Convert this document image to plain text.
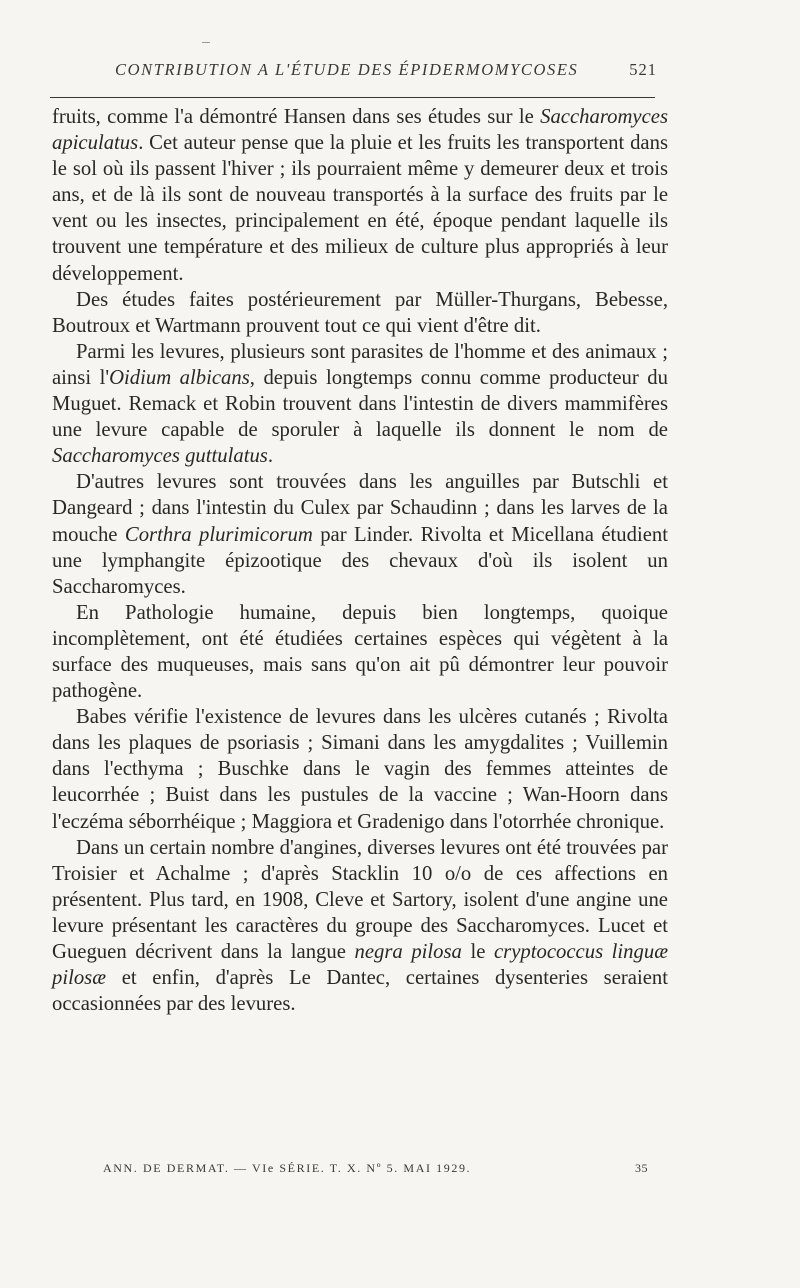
CONTRIBUTION A L'ÉTUDE DES ÉPIDERMOMYCOSES	521

fruits, comme l'a démontré Hansen dans ses études sur le Saccharomyces apiculatus. Cet auteur pense que la pluie et les fruits les transportent dans le sol où ils passent l'hiver ; ils pourraient même y demeurer deux et trois ans, et de là ils sont de nouveau transportés à la surface des fruits par le vent ou les insectes, principalement en été, époque pendant laquelle ils trouvent une température et des milieux de culture plus appropriés à leur développement.

Des études faites postérieurement par Müller-Thurgans, Bebesse, Boutroux et Wartmann prouvent tout ce qui vient d'être dit.

Parmi les levures, plusieurs sont parasites de l'homme et des animaux ; ainsi l'Oidium albicans, depuis longtemps connu comme producteur du Muguet. Remack et Robin trouvent dans l'intestin de divers mammifères une levure capable de sporuler à laquelle ils donnent le nom de Saccharomyces guttulatus.

D'autres levures sont trouvées dans les anguilles par Butschli et Dangeard ; dans l'intestin du Culex par Schaudinn ; dans les larves de la mouche Corthra plurimicorum par Linder. Rivolta et Micellana étudient une lymphangite épizootique des chevaux d'où ils isolent un Saccharomyces.

En Pathologie humaine, depuis bien longtemps, quoique incomplètement, ont été étudiées certaines espèces qui végètent à la surface des muqueuses, mais sans qu'on ait pû démontrer leur pouvoir pathogène.

Babes vérifie l'existence de levures dans les ulcères cutanés ; Rivolta dans les plaques de psoriasis ; Simani dans les amygdalites ; Vuillemin dans l'ecthyma ; Buschke dans le vagin des femmes atteintes de leucorrhée ; Buist dans les pustules de la vaccine ; Wan-Hoorn dans l'eczéma séborrhéique ; Maggiora et Gradenigo dans l'otorrhée chronique.

Dans un certain nombre d'angines, diverses levures ont été trouvées par Troisier et Achalme ; d'après Stacklin 10 o/o de ces affections en présentent. Plus tard, en 1908, Cleve et Sartory, isolent d'une angine une levure présentant les caractères du groupe des Saccharomyces. Lucet et Gueguen décrivent dans la langue negra pilosa le cryptococcus linguæ pilosæ et enfin, d'après Le Dantec, certaines dysenteries seraient occasionnées par des levures.

ANN. DE DERMAT. — VIe SÉRIE. T. X. Nº 5. MAI 1929.	35
